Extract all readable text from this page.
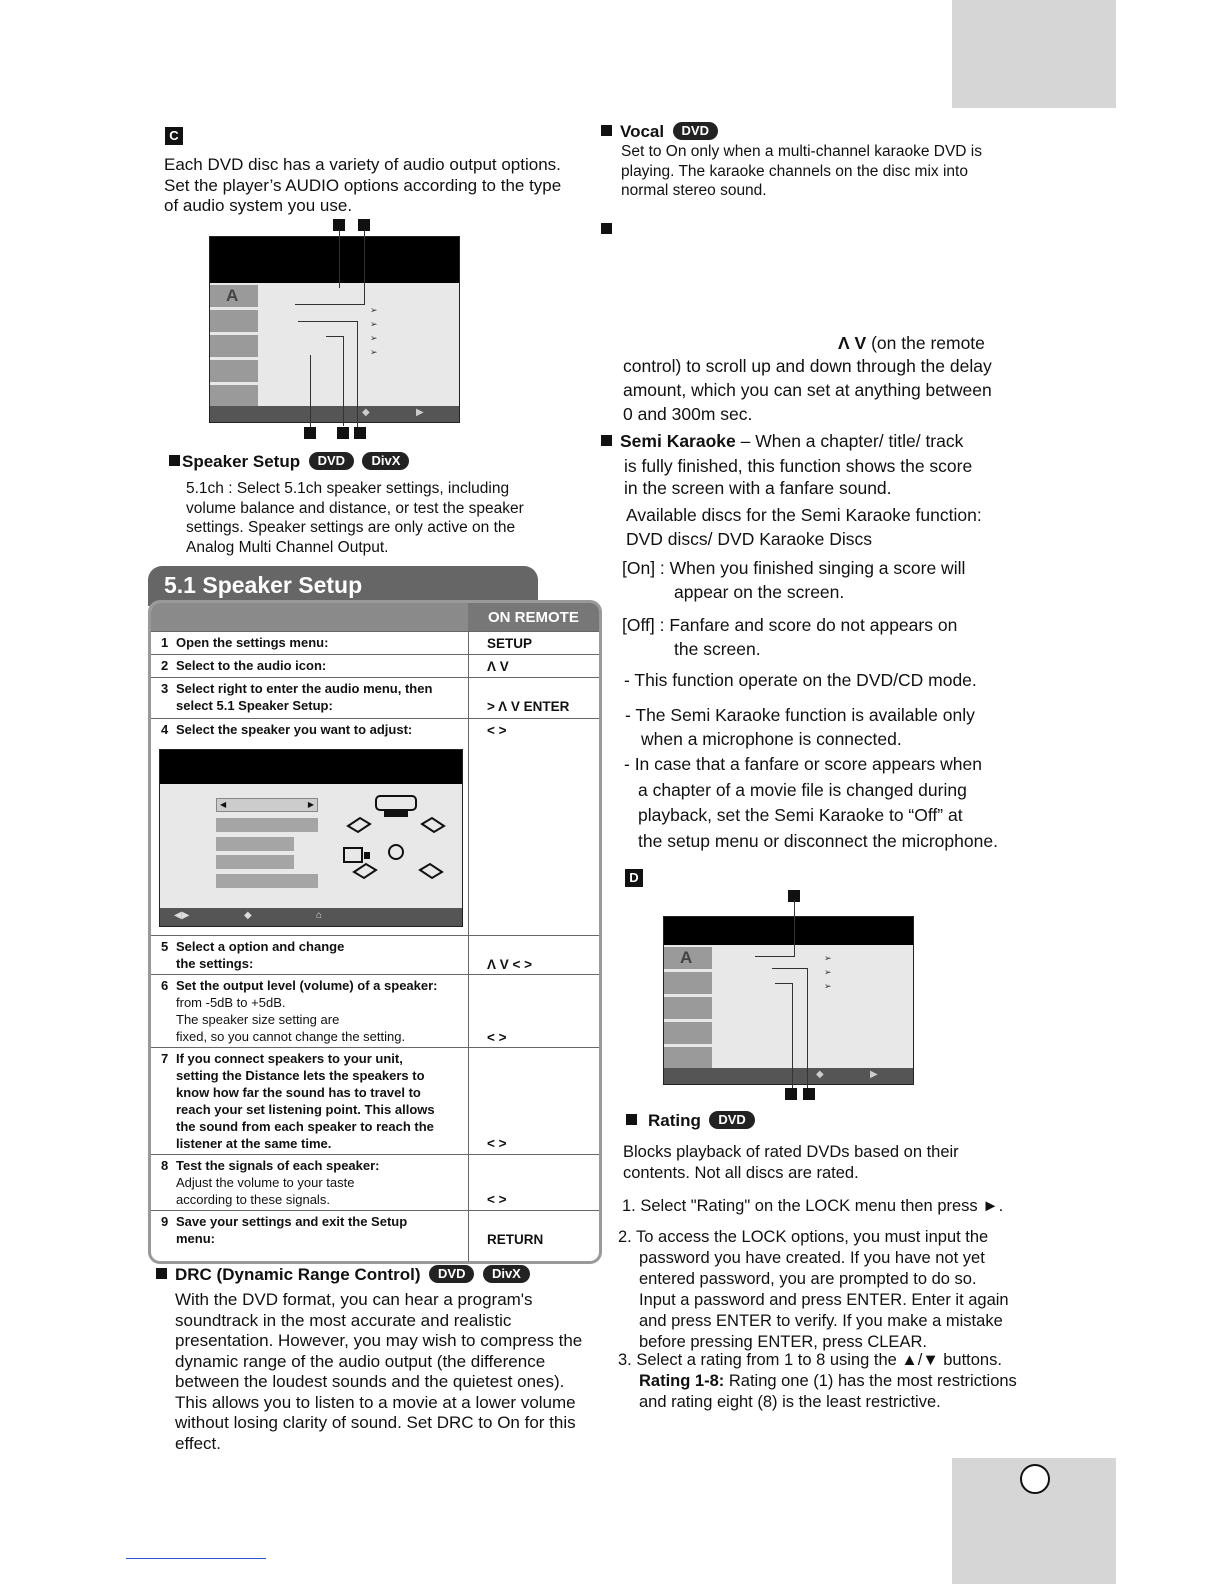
C
Each DVD disc has a variety of audio output options.
Set the player’s AUDIO options according to the type
of audio system you use.
A
➢
➢
➢
➢
◆	▶
Speaker Setup DVD DivX
5.1ch : Select 5.1ch speaker settings, including
volume balance and distance, or test the speaker
settings. Speaker settings are only active on the
Analog Multi Channel Output.
5.1 Speaker Setup
ON REMOTE
1 Open the settings menu:	SETUP
2 Select to the audio icon:	Λ V
3 Select right to enter the audio menu, then
select 5.1 Speaker Setup:	> Λ V ENTER
4 Select the speaker you want to adjust:	< >
◀	▶
◀▶	◆	⌂
5 Select a option and change
the settings:	Λ V < >
6 Set the output level (volume) of a speaker:
from -5dB to +5dB.
The speaker size setting are
fixed, so you cannot change the setting.	< >
7 If you connect speakers to your unit,
setting the Distance lets the speakers to
know how far the sound has to travel to
reach your set listening point. This allows
the sound from each speaker to reach the
listener at the same time.	< >
8 Test the signals of each speaker:
Adjust the volume to your taste
according to these signals.	< >
9 Save your settings and exit the Setup
menu:	RETURN
DRC (Dynamic Range Control) DVD DivX
With the DVD format, you can hear a program's
soundtrack in the most accurate and realistic
presentation. However, you may wish to compress the
dynamic range of the audio output (the difference
between the loudest sounds and the quietest ones).
This allows you to listen to a movie at a lower volume
without losing clarity of sound. Set DRC to On for this
effect.
Vocal DVD
Set to On only when a multi-channel karaoke DVD is
playing. The karaoke channels on the disc mix into
normal stereo sound.
Λ V (on the remote
control) to scroll up and down through the delay
amount, which you can set at anything between
0 and 300m sec.
Semi Karaoke – When a chapter/ title/ track
is fully finished, this function shows the score
in the screen with a fanfare sound.
Available discs for the Semi Karaoke function:
DVD discs/ DVD Karaoke Discs
[On] : When you finished singing a score will
appear on the screen.
[Off] : Fanfare and score do not appears on
the screen.
- This function operate on the DVD/CD mode.
- The Semi Karaoke function is available only
when a microphone is connected.
- In case that a fanfare or score appears when
a chapter of a movie file is changed during
playback, set the Semi Karaoke to “Off” at
the setup menu or disconnect the microphone.
D
A	➢
➢
➢
◆	▶
Rating DVD
Blocks playback of rated DVDs based on their
contents. Not all discs are rated.
1. Select "Rating" on the LOCK menu then press ►.
2. To access the LOCK options, you must input the
password you have created. If you have not yet
entered password, you are prompted to do so.
Input a password and press ENTER. Enter it again
and press ENTER to verify. If you make a mistake
before pressing ENTER, press CLEAR.
3. Select a rating from 1 to 8 using the ▲/▼ buttons.
Rating 1-8: Rating one (1) has the most restrictions
and rating eight (8) is the least restrictive.
